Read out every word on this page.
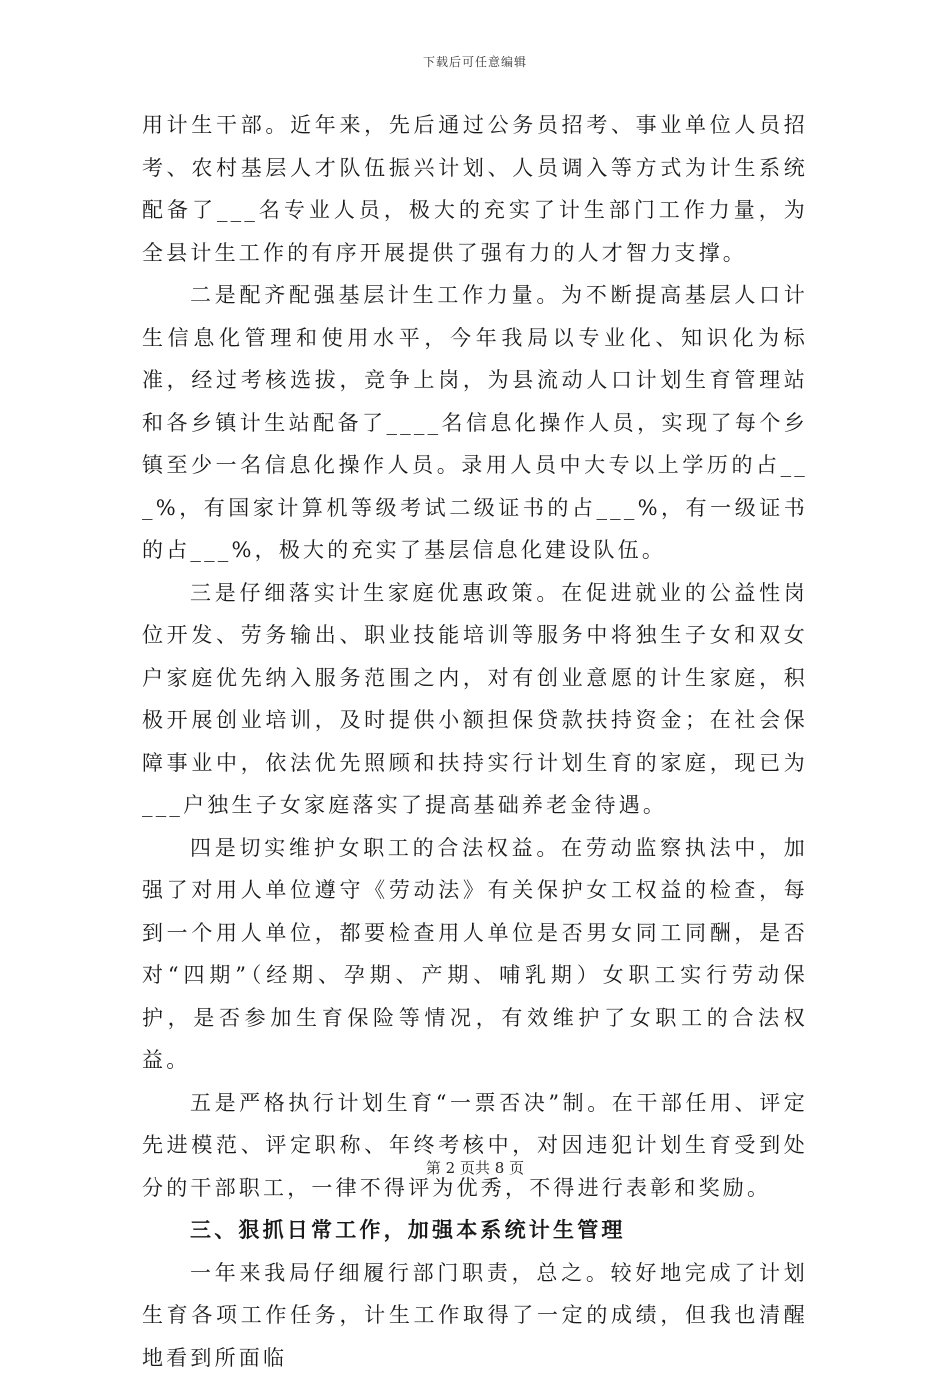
下载后可任意编辑

用计生干部。近年来，先后通过公务员招考、事业单位人员招考、农村基层人才队伍振兴计划、人员调入等方式为计生系统配备了___名专业人员，极大的充实了计生部门工作力量，为全县计生工作的有序开展提供了强有力的人才智力支撑。

二是配齐配强基层计生工作力量。为不断提高基层人口计生信息化管理和使用水平，今年我局以专业化、知识化为标准，经过考核选拔，竞争上岗，为县流动人口计划生育管理站和各乡镇计生站配备了____名信息化操作人员，实现了每个乡镇至少一名信息化操作人员。录用人员中大专以上学历的占___%，有国家计算机等级考试二级证书的占___%，有一级证书的占___%，极大的充实了基层信息化建设队伍。

三是仔细落实计生家庭优惠政策。在促进就业的公益性岗位开发、劳务输出、职业技能培训等服务中将独生子女和双女户家庭优先纳入服务范围之内，对有创业意愿的计生家庭，积极开展创业培训，及时提供小额担保贷款扶持资金；在社会保障事业中，依法优先照顾和扶持实行计划生育的家庭，现已为___户独生子女家庭落实了提高基础养老金待遇。

四是切实维护女职工的合法权益。在劳动监察执法中，加强了对用人单位遵守《劳动法》有关保护女工权益的检查，每到一个用人单位，都要检查用人单位是否男女同工同酬，是否对“四期”（经期、孕期、产期、哺乳期）女职工实行劳动保护，是否参加生育保险等情况，有效维护了女职工的合法权益。

五是严格执行计划生育“一票否决”制。在干部任用、评定先进模范、评定职称、年终考核中，对因违犯计划生育受到处分的干部职工，一律不得评为优秀，不得进行表彰和奖励。

三、狠抓日常工作，加强本系统计生管理

一年来我局仔细履行部门职责，总之。较好地完成了计划生育各项工作任务，计生工作取得了一定的成绩，但我也清醒地看到所面临

第 2 页共 8 页
